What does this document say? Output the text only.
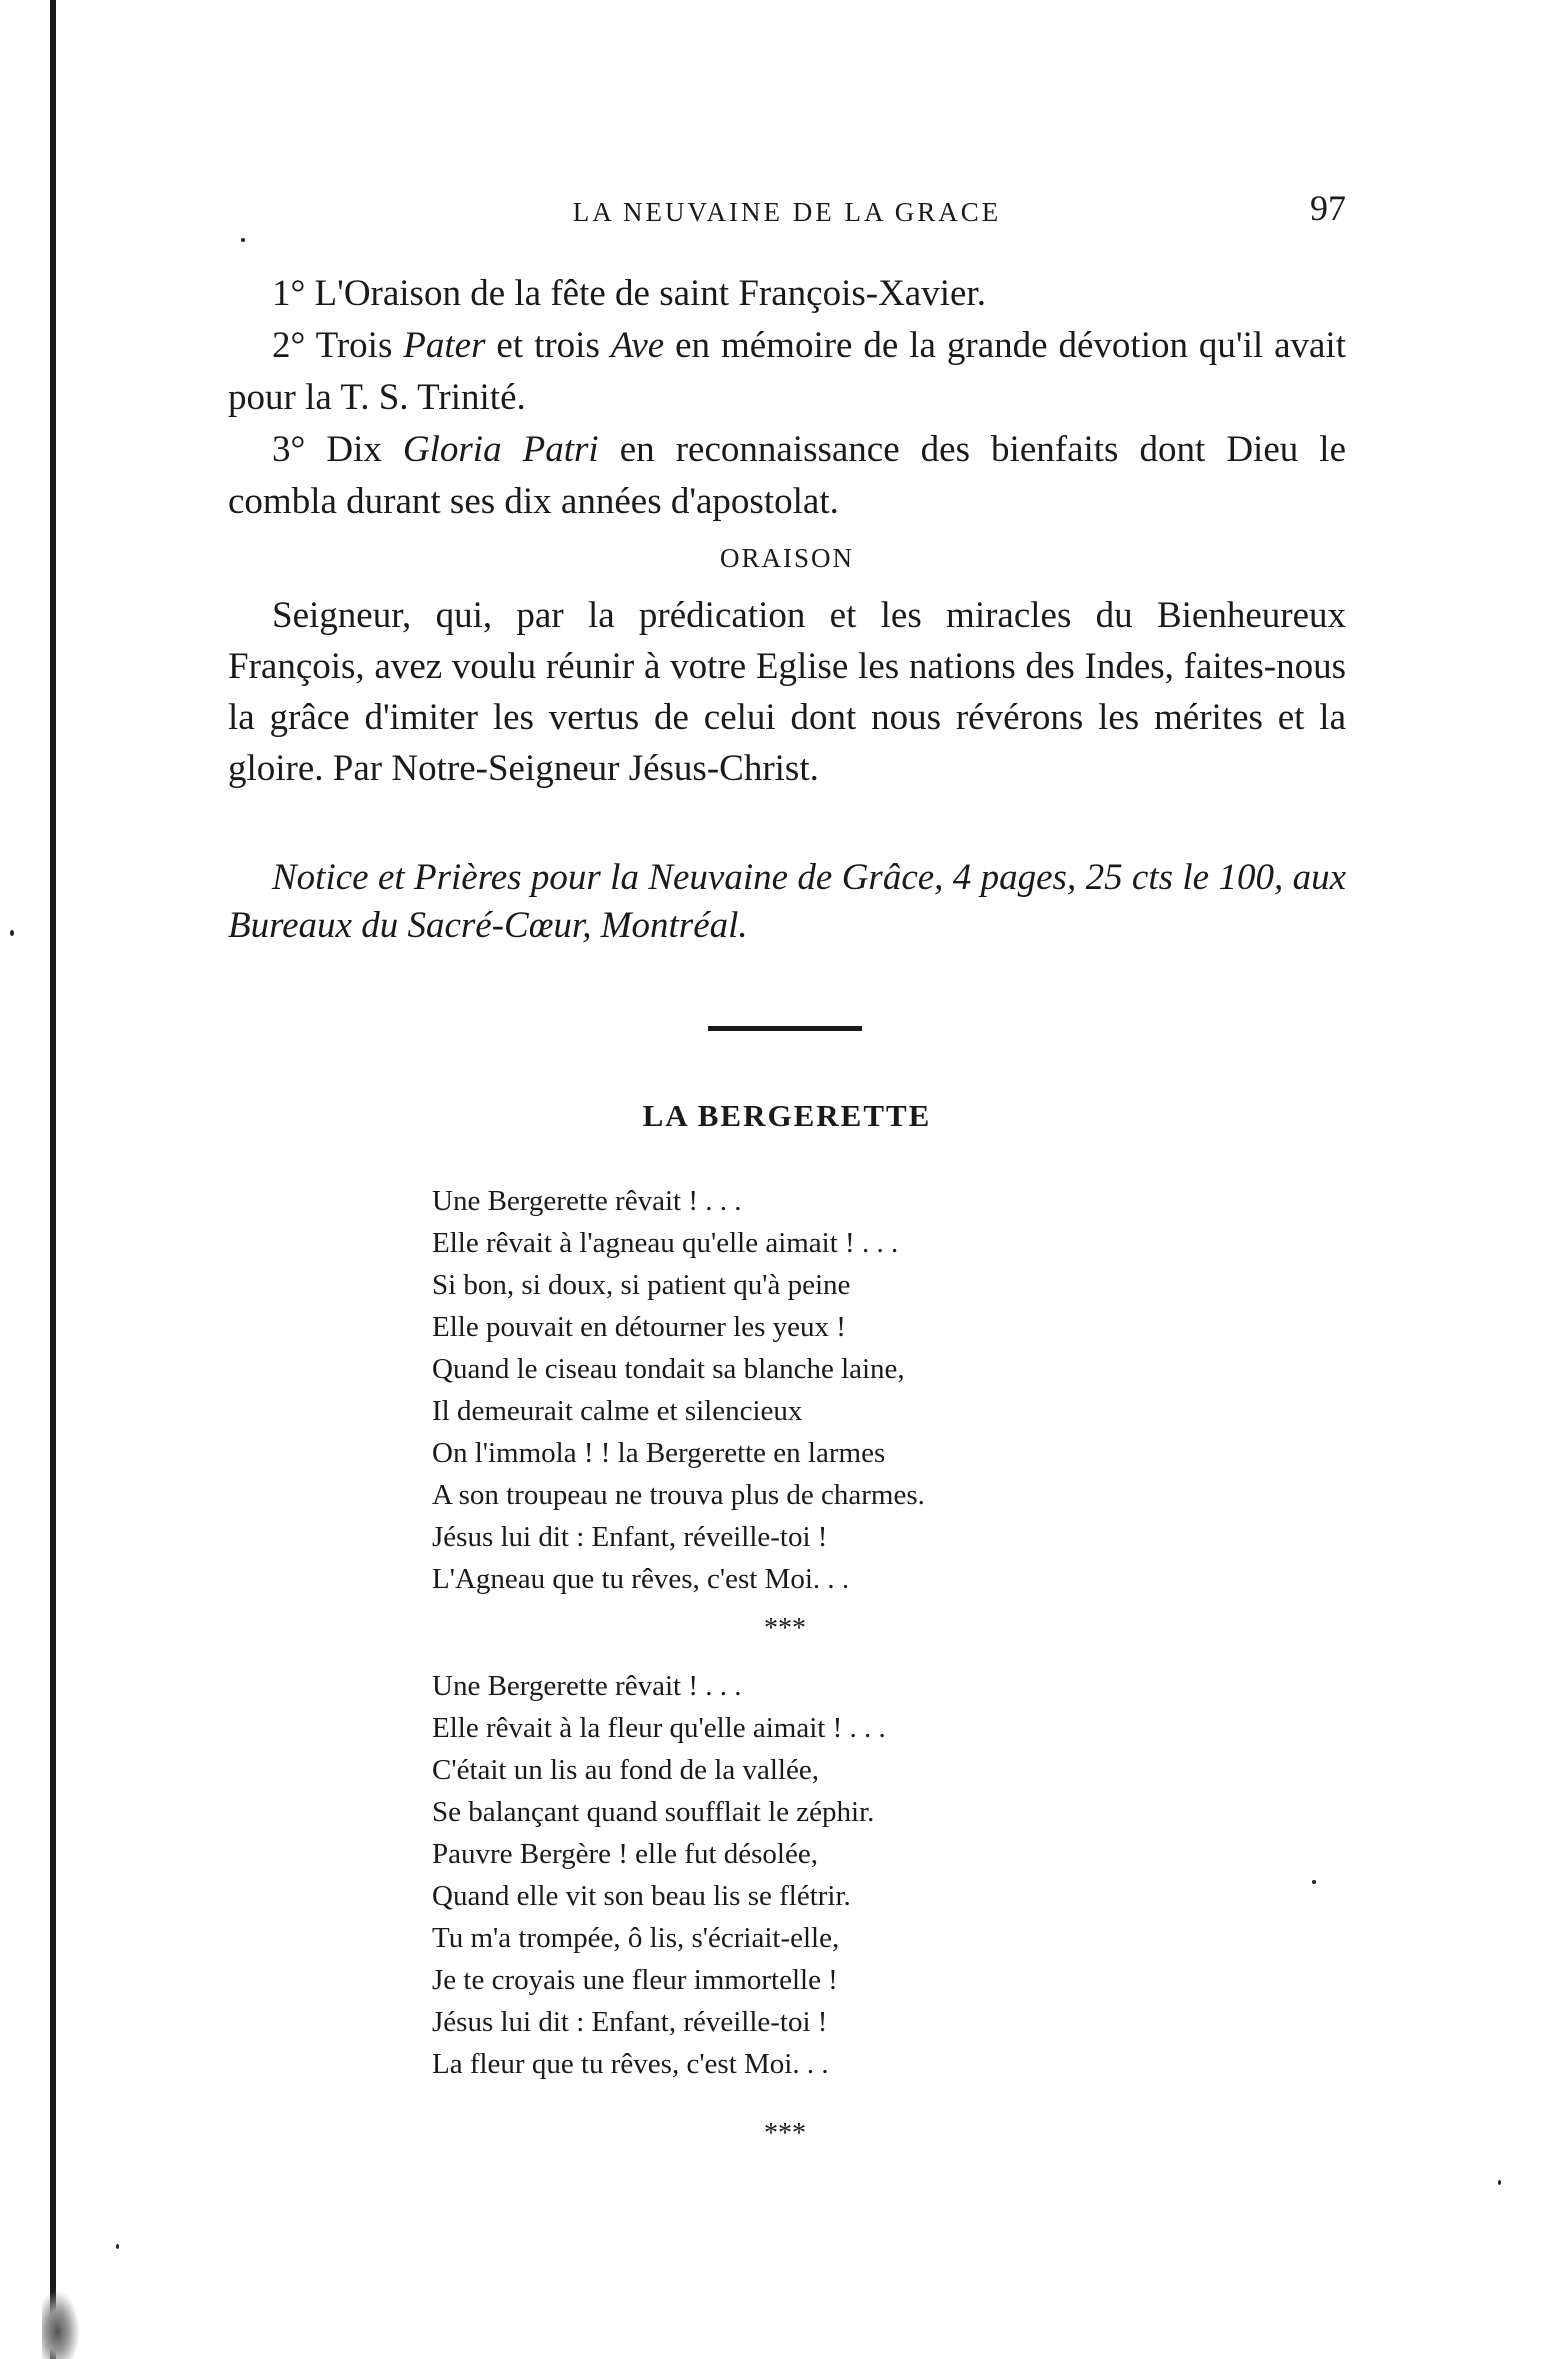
LA NEUVAINE DE LA GRACE	97

1° L'Oraison de la fête de saint François-Xavier.

2° Trois Pater et trois Ave en mémoire de la grande dévotion qu'il avait pour la T. S. Trinité.

3° Dix Gloria Patri en reconnaissance des bienfaits dont Dieu le combla durant ses dix années d'apostolat.

ORAISON

Seigneur, qui, par la prédication et les miracles du Bienheureux François, avez voulu réunir à votre Eglise les nations des Indes, faites-nous la grâce d'imiter les vertus de celui dont nous révérons les mérites et la gloire. Par Notre-Seigneur Jésus-Christ.

Notice et Prières pour la Neuvaine de Grâce, 4 pages, 25 cts le 100, aux Bureaux du Sacré-Cœur, Montréal.

LA BERGERETTE
Une Bergerette rêvait ! . . .
Elle rêvait à l'agneau qu'elle aimait ! . . .
Si bon, si doux, si patient qu'à peine
Elle pouvait en détourner les yeux !
Quand le ciseau tondait sa blanche laine,
Il demeurait calme et silencieux
On l'immola ! ! la Bergerette en larmes
A son troupeau ne trouva plus de charmes.
Jésus lui dit : Enfant, réveille-toi !
L'Agneau que tu rêves, c'est Moi. . .
***
Une Bergerette rêvait ! . . .
Elle rêvait à la fleur qu'elle aimait ! . . .
C'était un lis au fond de la vallée,
Se balançant quand soufflait le zéphir.
Pauvre Bergère ! elle fut désolée,
Quand elle vit son beau lis se flétrir.
Tu m'a trompée, ô lis, s'écriait-elle,
Je te croyais une fleur immortelle !
Jésus lui dit : Enfant, réveille-toi !
La fleur que tu rêves, c'est Moi. . .
***
